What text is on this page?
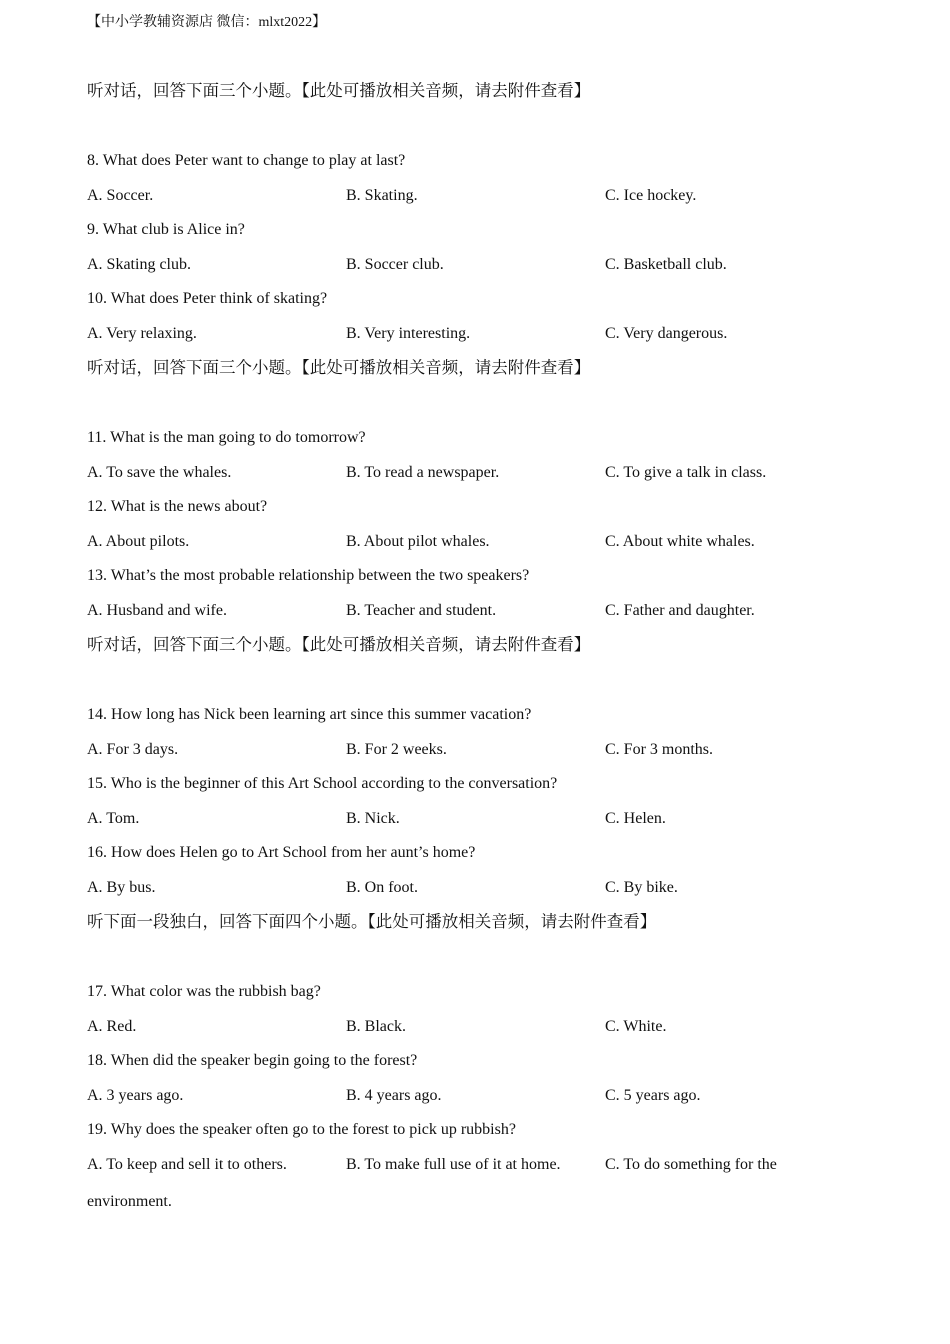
【中小学教辅资源店 微信：mlxt2022】
听对话，回答下面三个小题。【此处可播放相关音频，请去附件查看】
8. What does Peter want to change to play at last?
A. Soccer.	B. Skating.	C. Ice hockey.
9. What club is Alice in?
A. Skating club.	B. Soccer club.	C. Basketball club.
10. What does Peter think of skating?
A. Very relaxing.	B. Very interesting.	C. Very dangerous.
听对话，回答下面三个小题。【此处可播放相关音频，请去附件查看】
11. What is the man going to do tomorrow?
A. To save the whales.	B. To read a newspaper.	C. To give a talk in class.
12. What is the news about?
A. About pilots.	B. About pilot whales.	C. About white whales.
13. What’s the most probable relationship between the two speakers?
A. Husband and wife.	B. Teacher and student.	C. Father and daughter.
听对话，回答下面三个小题。【此处可播放相关音频，请去附件查看】
14. How long has Nick been learning art since this summer vacation?
A. For 3 days.	B. For 2 weeks.	C. For 3 months.
15. Who is the beginner of this Art School according to the conversation?
A. Tom.	B. Nick.	C. Helen.
16. How does Helen go to Art School from her aunt’s home?
A. By bus.	B. On foot.	C. By bike.
听下面一段独白，回答下面四个小题。【此处可播放相关音频，请去附件查看】
17. What color was the rubbish bag?
A. Red.	B. Black.	C. White.
18. When did the speaker begin going to the forest?
A. 3 years ago.	B. 4 years ago.	C. 5 years ago.
19. Why does the speaker often go to the forest to pick up rubbish?
A. To keep and sell it to others.	B. To make full use of it at home.	C. To do something for the
environment.
